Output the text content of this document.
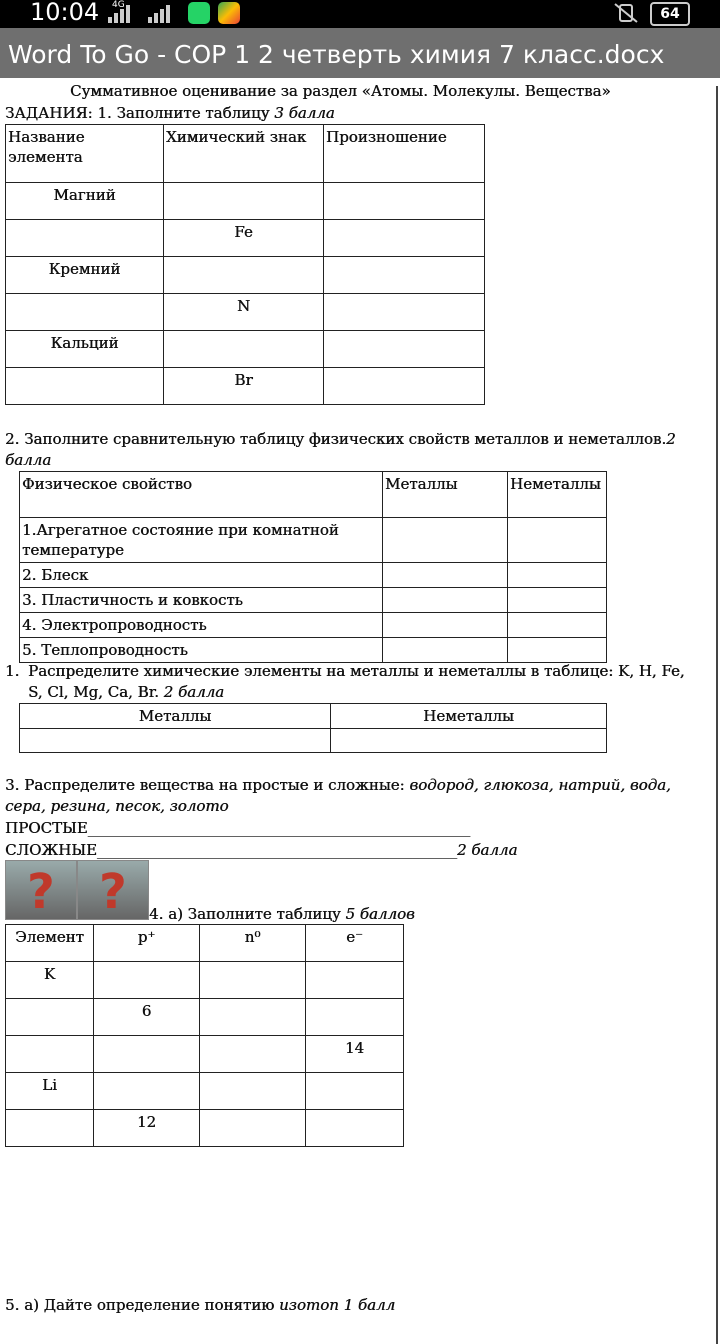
10:04 4G
64
Word To Go - СОР 1 2 четверть химия 7 класс.docx
Суммативное оценивание за раздел «Атомы. Молекулы. Вещества»
ЗАДАНИЯ: 1. Заполните таблицу 3 балла
Название элемента	Химический знак	Произношение
Магний		
	Fe	
Кремний		
	N	
Кальций		
	Br	
2. Заполните сравнительную таблицу физических свойств металлов и неметаллов.2
балла
Физическое свойство	Металлы	Неметаллы
1.Агрегатное состояние при комнатной температуре		
2. Блеск		
3. Пластичность и ковкость		
4. Электропроводность		
5. Теплопроводность		
1. Распределите химические элементы на металлы и неметаллы в таблице: K, H, Fe,
S, Cl, Mg, Ca, Br. 2 балла
Металлы	Неметаллы

3. Распределите вещества на простые и сложные: водород, глюкоза, натрий, вода,
сера, резина, песок, золото
ПРОСТЫЕ___________________________________________________
СЛОЖНЫЕ________________________________________________2 балла
? ? 4. а) Заполните таблицу 5 баллов
Элемент	p⁺	n⁰	e⁻
K			
	6		
			14
Li			
	12		
5. а) Дайте определение понятию изотоп 1 балл
